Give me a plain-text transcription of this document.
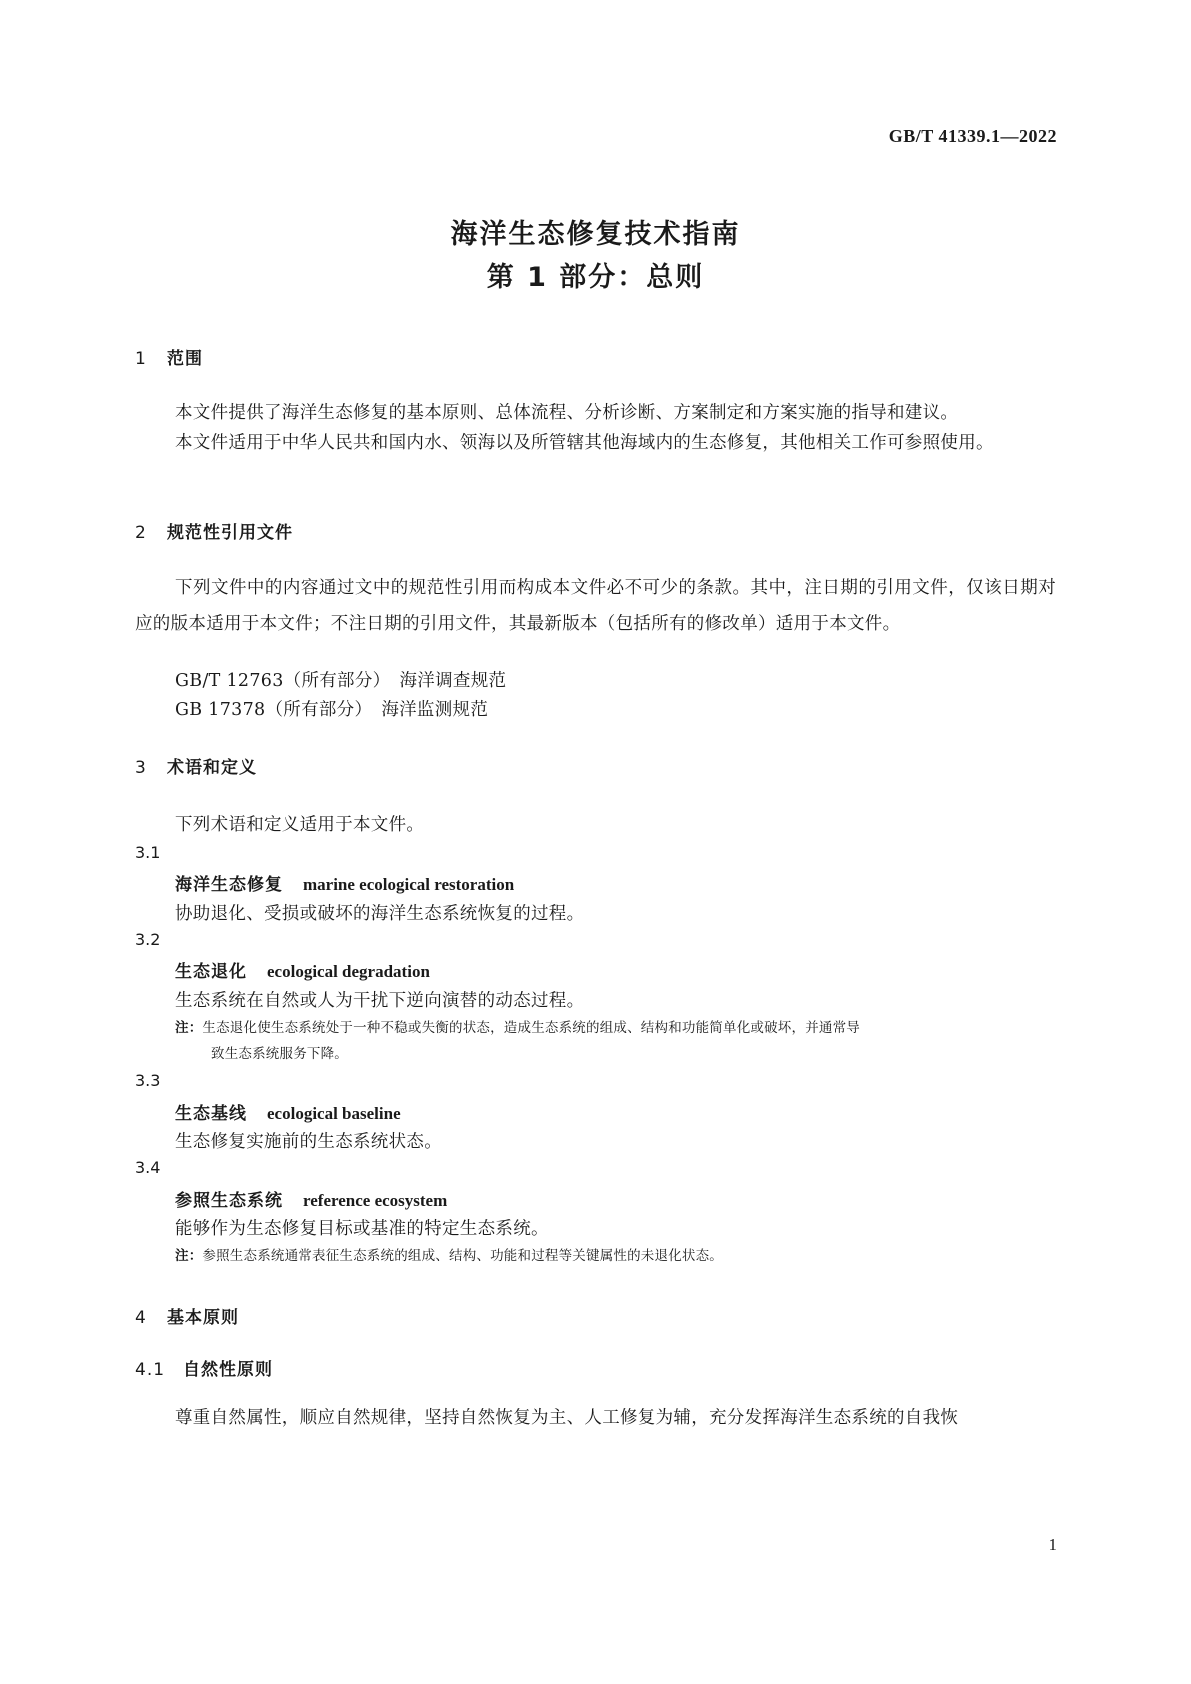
GB/T 41339.1—2022
海洋生态修复技术指南
第 1 部分：总则
1 范围
本文件提供了海洋生态修复的基本原则、总体流程、分析诊断、方案制定和方案实施的指导和建议。
本文件适用于中华人民共和国内水、领海以及所管辖其他海域内的生态修复，其他相关工作可参照使用。
2 规范性引用文件
下列文件中的内容通过文中的规范性引用而构成本文件必不可少的条款。其中，注日期的引用文件，仅该日期对应的版本适用于本文件；不注日期的引用文件，其最新版本（包括所有的修改单）适用于本文件。
GB/T 12763（所有部分）　海洋调查规范
GB 17378（所有部分）　海洋监测规范
3 术语和定义
下列术语和定义适用于本文件。
3.1
海洋生态修复 marine ecological restoration
协助退化、受损或破坏的海洋生态系统恢复的过程。
3.2
生态退化 ecological degradation
生态系统在自然或人为干扰下逆向演替的动态过程。
注：生态退化使生态系统处于一种不稳或失衡的状态，造成生态系统的组成、结构和功能简单化或破坏，并通常导
致生态系统服务下降。
3.3
生态基线 ecological baseline
生态修复实施前的生态系统状态。
3.4
参照生态系统 reference ecosystem
能够作为生态修复目标或基准的特定生态系统。
注：参照生态系统通常表征生态系统的组成、结构、功能和过程等关键属性的未退化状态。
4 基本原则
4.1 自然性原则
尊重自然属性，顺应自然规律，坚持自然恢复为主、人工修复为辅，充分发挥海洋生态系统的自我恢
1
